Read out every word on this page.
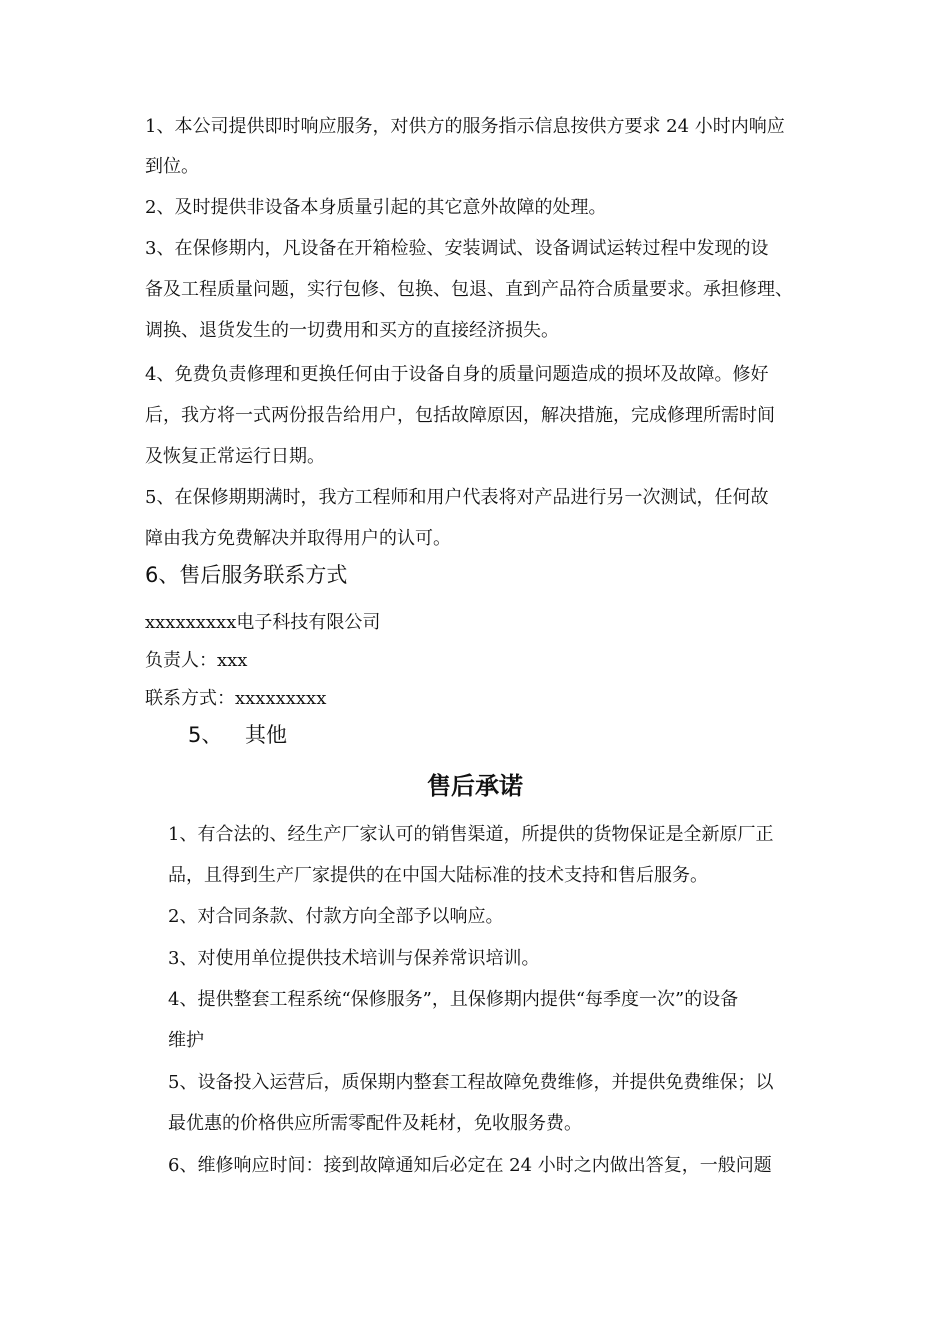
1、本公司提供即时响应服务，对供方的服务指示信息按供方要求 24 小时内响应
到位。
2、及时提供非设备本身质量引起的其它意外故障的处理。
3、在保修期内，凡设备在开箱检验、安装调试、设备调试运转过程中发现的设
备及工程质量问题，实行包修、包换、包退、直到产品符合质量要求。承担修理、
调换、退货发生的一切费用和买方的直接经济损失。
4、免费负责修理和更换任何由于设备自身的质量问题造成的损坏及故障。修好
后，我方将一式两份报告给用户，包括故障原因，解决措施，完成修理所需时间
及恢复正常运行日期。
5、在保修期期满时，我方工程师和用户代表将对产品进行另一次测试，任何故
障由我方免费解决并取得用户的认可。
6、售后服务联系方式
xxxxxxxxx电子科技有限公司
负责人：xxx
联系方式：xxxxxxxxx
5、 其他
售后承诺
1、有合法的、经生产厂家认可的销售渠道，所提供的货物保证是全新原厂正
品，且得到生产厂家提供的在中国大陆标准的技术支持和售后服务。
2、对合同条款、付款方向全部予以响应。
3、对使用单位提供技术培训与保养常识培训。
4、提供整套工程系统“保修服务”，且保修期内提供“每季度一次”的设备
维护
5、设备投入运营后，质保期内整套工程故障免费维修，并提供免费维保；以
最优惠的价格供应所需零配件及耗材，免收服务费。
6、维修响应时间：接到故障通知后必定在 24 小时之内做出答复，一般问题
